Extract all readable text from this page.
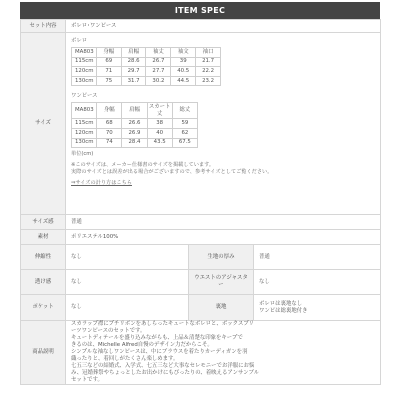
ITEM SPEC
セット内容	ボレロ･ワンピース
サイズ	
ボレロ
MA803	身幅	肩幅	袖丈	袖文	袖口
115cm	69	28.6	26.7	39	21.7
120cm	71	29.7	27.7	40.5	22.2
130cm	75	31.7	30.2	44.5	23.2
ワンピース
MA803	身幅	肩幅	スカート丈	総丈
115cm	68	26.6	38	59
120cm	70	26.9	40	62
130cm	74	28.4	43.5	67.5
単位(cm)
※このサイズは、メーカー仕様書のサイズを掲載しています。
実際のサイズとは誤差が出る場合がございますので、参考サイズとしてご覧ください。
⇒サイズの計り方はこちら

サイズ感	普通
素材	ポリエステル100%
伸縮性	なし	生地の厚み	普通
透け感	なし	ウエストのアジャスター	なし
ポケット	なし	裏地	
ボレロは裏地なし
ワンピは総裏地付き

商品説明	
スカラップ襟にプチリボンをあしらったキュートなボレロと、ボックスプリ
ーツワンピースのセットです。
キュートディテールを盛り込みながらも、上品＆清楚な印象をキープで
きるのは、Michelle Alfred自慢のデザイン力だからこそ。
シンプルな袖なしワンピースは、中にブラウスを着たりカーディガンを羽
織ったりと、着回しがたくさん楽しめます。
七五三などの結婚式、入学式、七五三など大事なセレモニーでお洋服にお悩
み、冠婚葬祭やちょっとしたお出かけにもぴったりの、着映えるアンサンブル
セットです。
